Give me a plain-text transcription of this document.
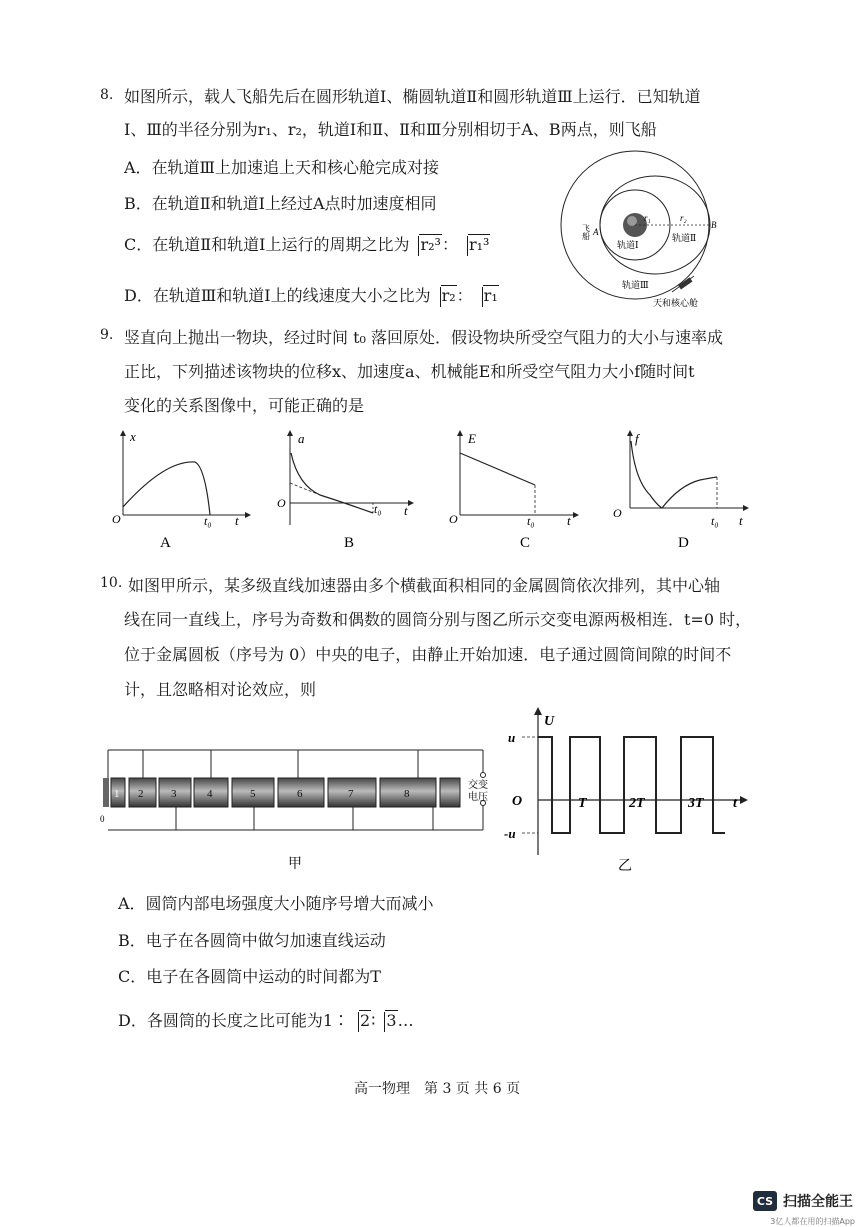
8. 如图所示，载人飞船先后在圆形轨道Ⅰ、椭圆轨道Ⅱ和圆形轨道Ⅲ上运行．已知轨道
Ⅰ、Ⅲ的半径分别为r₁、r₂，轨道Ⅰ和Ⅱ、Ⅱ和Ⅲ分别相切于A、B两点，则飞船
A．在轨道Ⅲ上加速追上天和核心舱完成对接
B．在轨道Ⅱ和轨道Ⅰ上经过A点时加速度相同
C．在轨道Ⅱ和轨道Ⅰ上运行的周期之比为 r₂³： r₁³
D．在轨道Ⅲ和轨道Ⅰ上的线速度大小之比为 r₂： r₁
r₁	r₂
B
A
飞船
轨道Ⅰ
轨道Ⅱ
轨道Ⅲ
天和核心舱
9. 竖直向上抛出一物块，经过时间 t₀ 落回原处．假设物块所受空气阻力的大小与速率成
正比，下列描述该物块的位移x、加速度a、机械能E和所受空气阻力大小f随时间t
变化的关系图像中，可能正确的是
x
O	t₀ t
A
a
O	t₀ t
B
E
O	t₀ t
C
f
O
t₀ t
D
10. 如图甲所示，某多级直线加速器由多个横截面积相同的金属圆筒依次排列，其中心轴
线在同一直线上，序号为奇数和偶数的圆筒分别与图乙所示交变电源两极相连．t=0 时，
位于金属圆板（序号为 0）中央的电子，由静止开始加速．电子通过圆筒间隙的时间不
计，且忽略相对论效应，则
1 2	3	4	5	6	7	8
0
交变
电压
甲
U
u
-u
O	T	2T	3T t
乙
A．圆筒内部电场强度大小随序号增大而减小
B．电子在各圆筒中做匀加速直线运动
C．电子在各圆筒中运动的时间都为T
D．各圆筒的长度之比可能为1∶ 2∶ 3…
高一物理　第 3 页 共 6 页
CS 扫描全能王
3亿人都在用的扫描App
